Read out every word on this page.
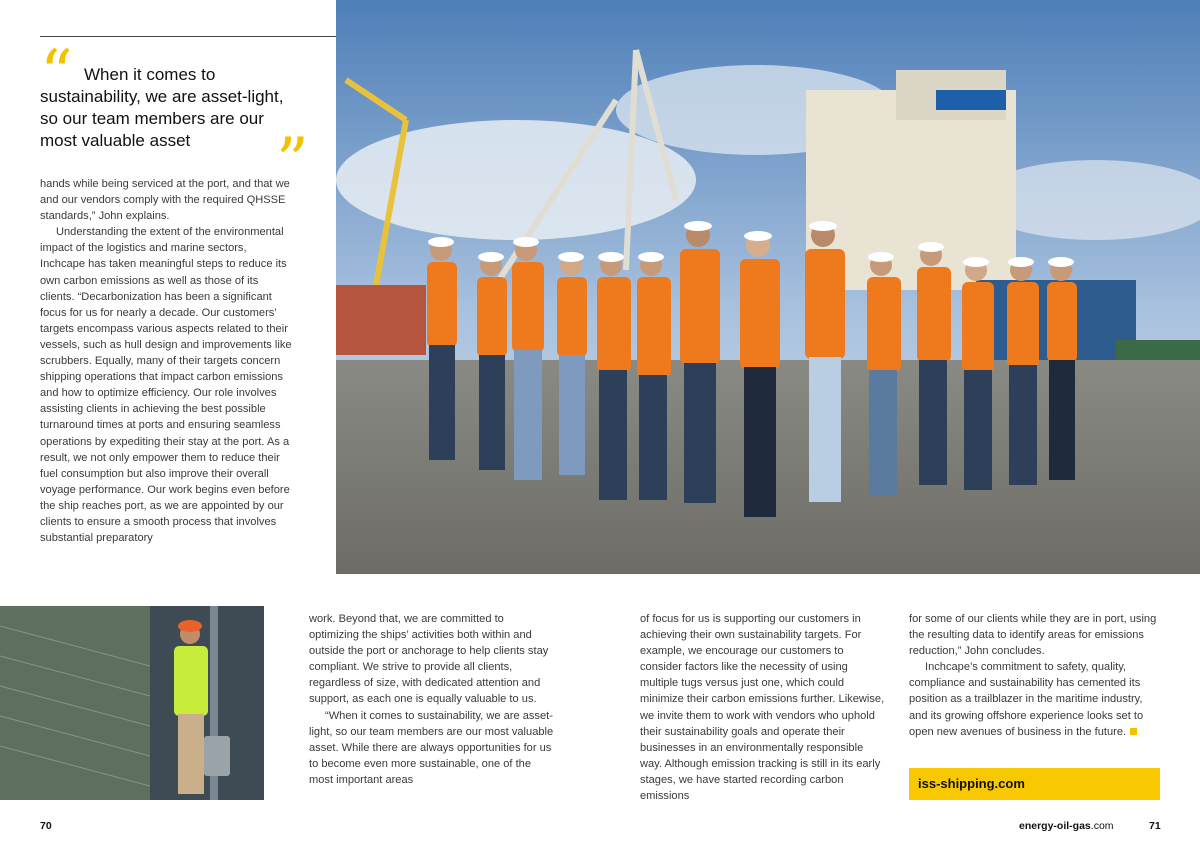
“ When it comes to sustainability, we are asset-light, so our team members are our most valuable asset	”

hands while being serviced at the port, and that we and our vendors comply with the required QHSSE standards,” John explains.

Understanding the extent of the environmental impact of the logistics and marine sectors, Inchcape has taken meaningful steps to reduce its own carbon emissions as well as those of its clients. “Decarbonization has been a significant focus for us for nearly a decade. Our customers’ targets encompass various aspects related to their vessels, such as hull design and improvements like scrubbers. Equally, many of their targets concern shipping operations that impact carbon emissions and how to optimize efficiency. Our role involves assisting clients in achieving the best possible turnaround times at ports and ensuring seamless operations by expediting their stay at the port. As a result, we not only empower them to reduce their fuel consumption but also improve their overall voyage performance. Our work begins even before the ship reaches port, as we are appointed by our clients to ensure a smooth process that involves substantial preparatory

work. Beyond that, we are committed to optimizing the ships’ activities both within and outside the port or anchorage to help clients stay compliant. We strive to provide all clients, regardless of size, with dedicated attention and support, as each one is equally valuable to us.

“When it comes to sustainability, we are asset-light, so our team members are our most valuable asset. While there are always opportunities for us to become even more sustainable, one of the most important areas

of focus for us is supporting our customers in achieving their own sustainability targets. For example, we encourage our customers to consider factors like the necessity of using multiple tugs versus just one, which could minimize their carbon emissions further. Likewise, we invite them to work with vendors who uphold their sustainability goals and operate their businesses in an environmentally responsible way. Although emission tracking is still in its early stages, we have started recording carbon emissions

for some of our clients while they are in port, using the resulting data to identify areas for emissions reduction,” John concludes.

Inchcape’s commitment to safety, quality, compliance and sustainability has cemented its position as a trailblazer in the maritime industry, and its growing offshore experience looks set to open new avenues of business in the future.

iss-shipping.com
70	energy-oil-gas.com	71
